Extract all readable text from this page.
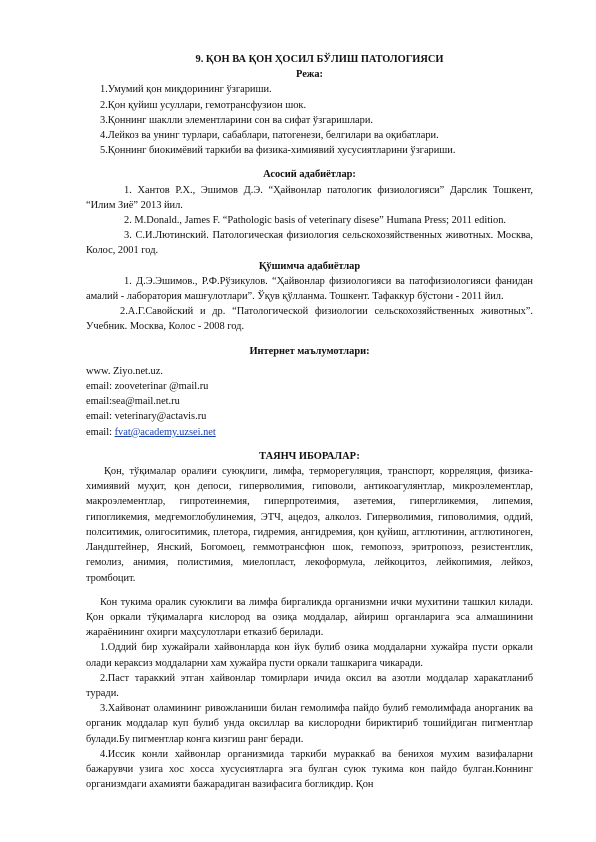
9. ҚОН ВА ҚОН ҲОСИЛ БЎЛИШ ПАТОЛОГИЯСИ
Режа:
1.Умумий қон миқдорининг ўзгариши.
2.Қон қуйиш усуллари, гемотрансфузион шок.
3.Қоннинг шаклли элементларини сон ва сифат ўзгаришлари.
4.Лейкоз ва унинг турлари, сабаблари, патогенези, белгилари ва оқибатлари.
5.Қоннинг биокимёвий таркиби ва физика-химиявий хусусиятларини ўзгариши.
Асосий адабиётлар:
1. Хантов Р.Х., Эшимов Д.Э. “Ҳайвонлар патологик физиологияси” Дарслик Тошкент, “Илим Зиё” 2013 йил.
2. M.Donald., James F. “Pathologic basis of veterinary disese” Humana Press; 2011 edition.
3. С.И.Лютинский. Патологическая физиология сельскохозяйственных животных. Москва, Колос, 2001 год.
Қўшимча адабиётлар
1. Д.Э.Эшимов., Р.Ф.Рўзикулов. “Ҳайвонлар физиологияси ва патофизиологияси фанидан амалий - лаборатория машғулотлари”. Ўқув қўлланма. Тошкент. Тафаккур бўстони - 2011 йил.
2.А.Г.Савойский и др. “Патологической физиологии сельскохозяйственных животных”. Учебник. Москва, Колос - 2008 год.
Интернет маълумотлари:
www. Ziyo.net.uz.
email: zooveterinar @mail.ru
email:sea@mail.net.ru
email: veterinary@actavis.ru
email: fvat@academy.uzsei.net
ТАЯНЧ ИБОРАЛАР:
Қон, тўқималар оралиғи суюқлиги, лимфа, терморегуляция, транспорт, корреляция, физика-химиявий муҳит, қон депоси, гиперволимия, гиповоли, антикоагулянтлар, микроэлементлар, макроэлементлар, гипротеинемия, гиперпротеимия, азетемия, гипергликемия, липемия, гипогликемия, медгемоглобулинемия, ЭТЧ, ацедоз, алколоз. Гиперволимия, гиповолимия, оддий, полситимик, олигоситимик, плетора, гидремия, ангидремия, қон қуйиш, агглютинин, агглютиноген, Ландштейнер, Янский, Богомоец, геммотрансфюн шок, гемопоэз, эритропоэз, резистентлик, гемолиз, анимия, полистимия, миелопласт, лекоформула, лейкоцитоз, лейкопимия, лейкоз, тромбоцит.
Кон тукима оралик суюклиги ва лимфа биргаликда организмни ички мухитини ташкил килади. Қон оркали тўқималарга кислород ва озиқа моддалар, айириш органларига эса алмашинини жараёнининг охирги маҳсулотлари етказиб берилади.
1.Оддий бир хужайрали хайвонларда кон йук булиб озика моддаларни хужайра пусти оркали олади керaксиз моддаларни хам хужайра пусти оркали ташкарига чикаради.
2.Паст тараккий этган хайвонлар томирлари ичида оксил ва азотли моддалар харакатланиб туради.
3.Хайвонат оламининг ривожланиши билан гемолимфа пайдо булиб гемолимфада анорганик ва органик моддалар куп булиб унда оксиллар ва кислородни бириктириб тошийдиган пигментлар булади.Бу пигментлар конга кизгиш ранг беради.
4.Иссик конли хайвонлар организмида таркиби мураккаб ва бенихоя мухим вазифаларни бажарувчи узига хос хосса хусусиятларга эга булган суюк тукима кон пайдо булган.Коннинг организмдаги ахамияти бажарадиган вазифасига богликдир. Қон
